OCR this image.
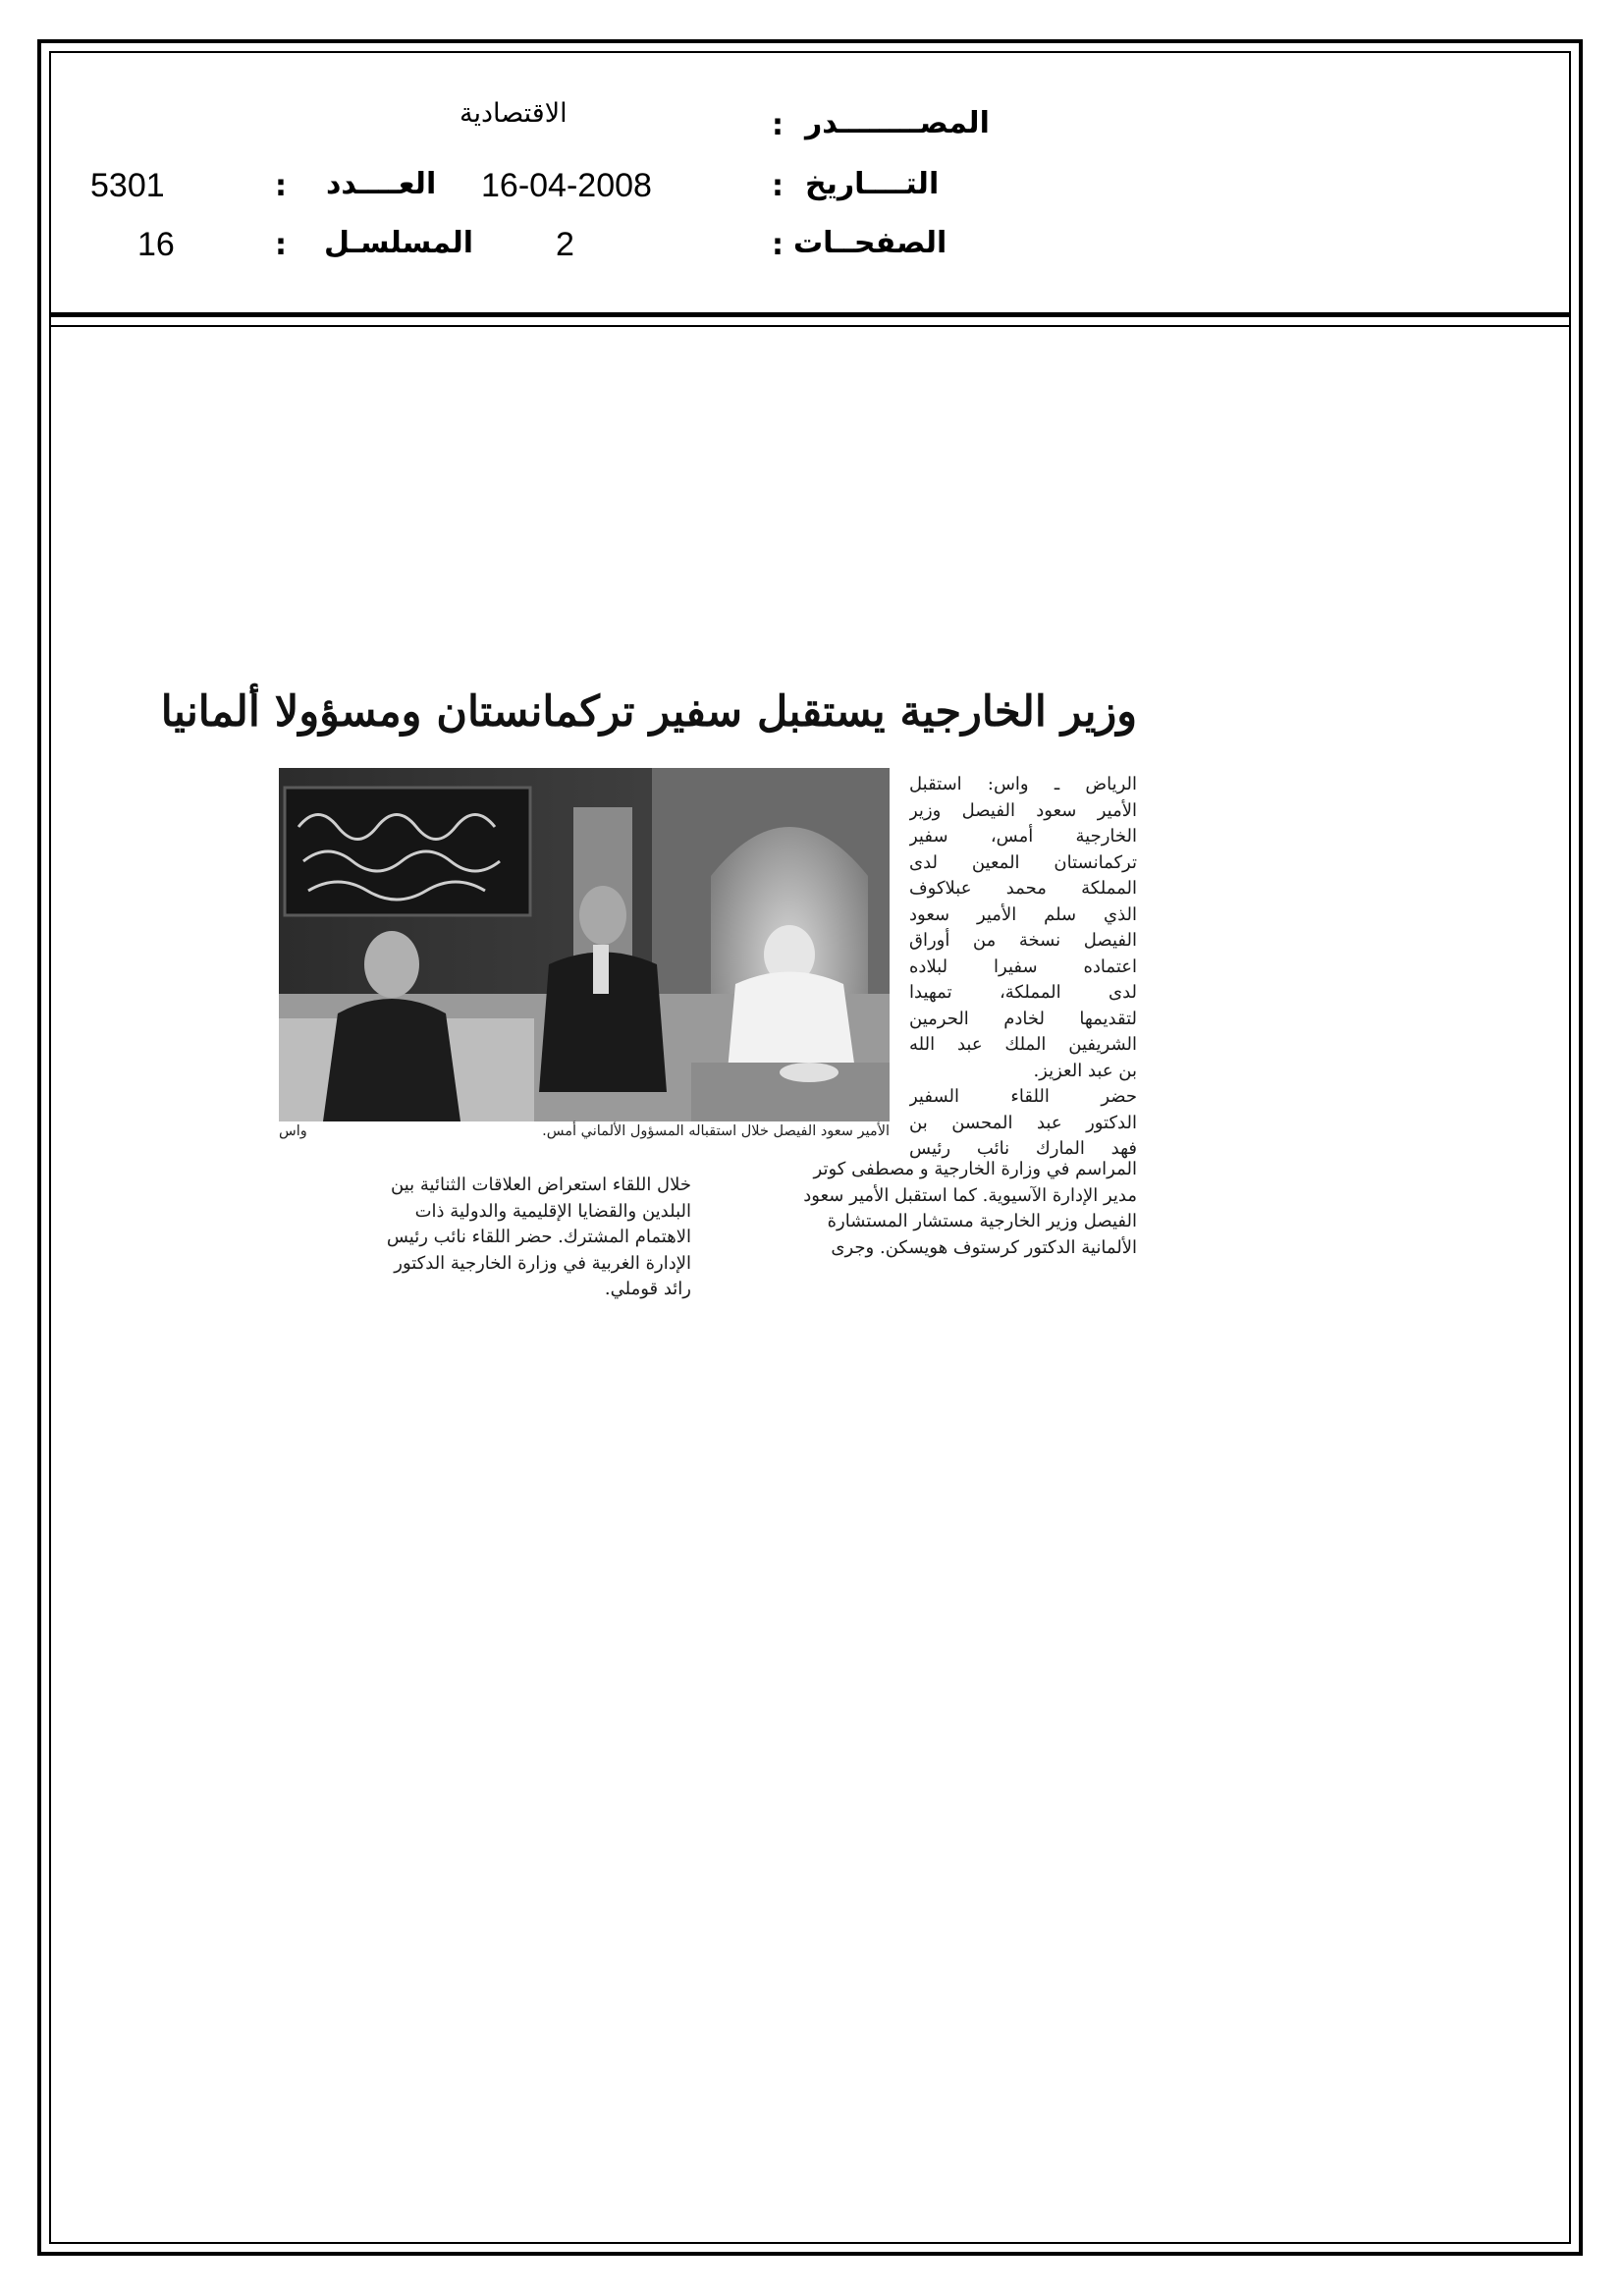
المصــــــــدر
:
الاقتصادية
التــــاريخ
:
16-04-2008
العــــدد
:
5301
الصفحــات
:
2
المسلسـل
:
16
وزير الخارجية يستقبل سفير تركمانستان ومسؤولا ألمانيا
الأمير سعود الفيصل خلال استقباله المسؤول الألماني أمس.
واس
الرياض ـ واس: استقبل
الأمير سعود الفيصل وزير
الخارجية أمس، سفير
تركمانستان المعين لدى
المملكة محمد عبلاكوف
الذي سلم الأمير سعود
الفيصل نسخة من أوراق
اعتماده سفيرا لبلاده
لدى المملكة، تمهيدا
لتقديمها لخادم الحرمين
الشريفين الملك عبد الله
بن عبد العزيز.
حضر اللقاء السفير
الدكتور عبد المحسن بن
فهد المارك نائب رئيس
المراسم في وزارة الخارجية و مصطفى كوتر
مدير الإدارة الآسيوية. كما استقبل الأمير سعود
الفيصل وزير الخارجية مستشار المستشارة
الألمانية الدكتور كرستوف هويسكن. وجرى
خلال اللقاء استعراض العلاقات الثنائية بين
البلدين والقضايا الإقليمية والدولية ذات
الاهتمام المشترك. حضر اللقاء نائب رئيس
الإدارة الغربية في وزارة الخارجية الدكتور
رائد قوملي.
